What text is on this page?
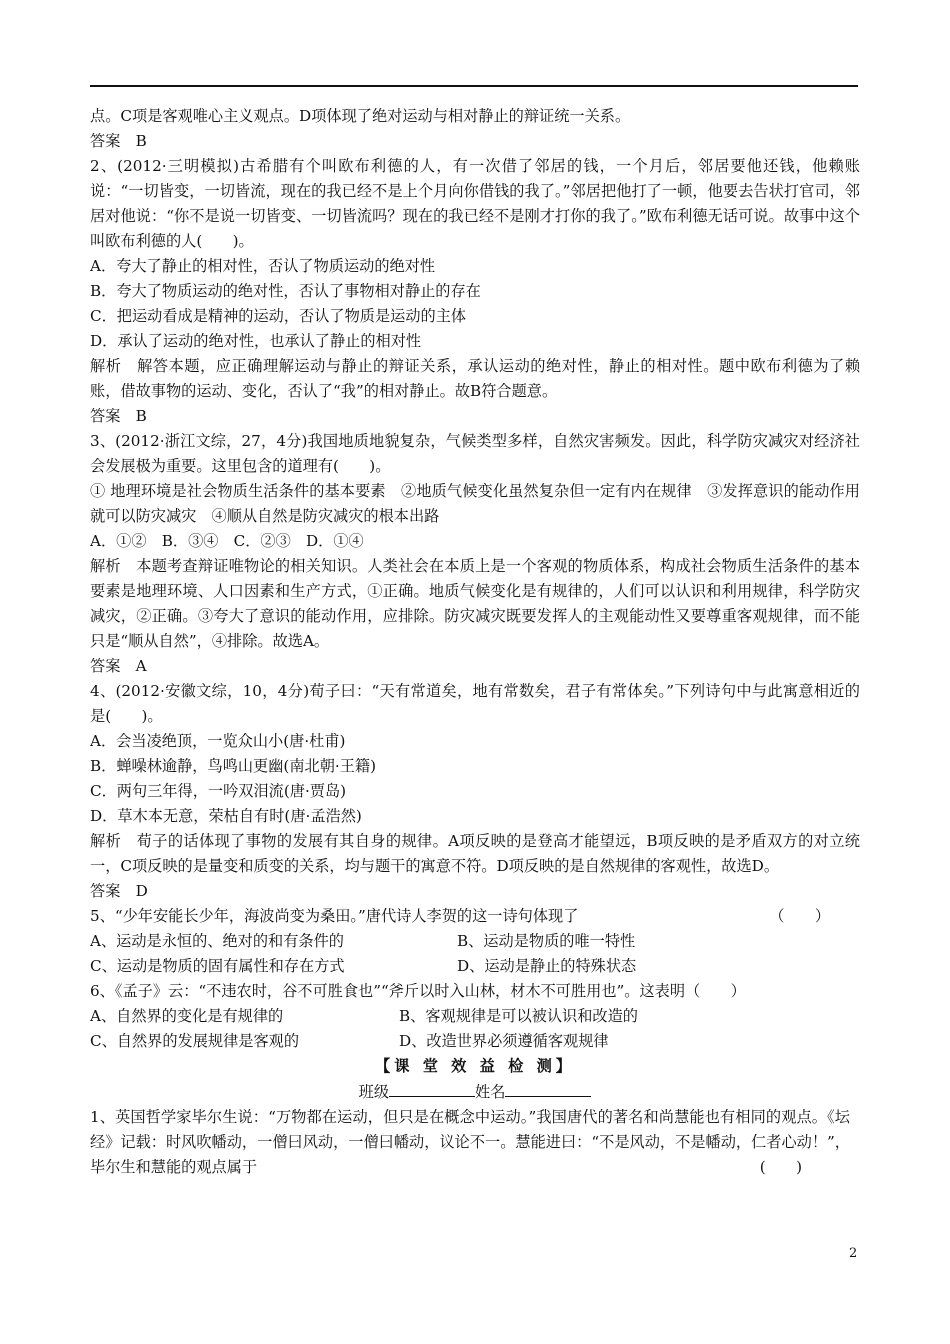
点。C项是客观唯心主义观点。D项体现了绝对运动与相对静止的辩证统一关系。

答案　B

2、(2012·三明模拟)古希腊有个叫欧布利德的人，有一次借了邻居的钱，一个月后，邻居要他还钱，他赖账说：“一切皆变，一切皆流，现在的我已经不是上个月向你借钱的我了。”邻居把他打了一顿，他要去告状打官司，邻居对他说：“你不是说一切皆变、一切皆流吗？现在的我已经不是刚才打你的我了。”欧布利德无话可说。故事中这个叫欧布利德的人(　　)。

A．夸大了静止的相对性，否认了物质运动的绝对性

B．夸大了物质运动的绝对性，否认了事物相对静止的存在

C．把运动看成是精神的运动，否认了物质是运动的主体

D．承认了运动的绝对性，也承认了静止的相对性

解析　解答本题，应正确理解运动与静止的辩证关系，承认运动的绝对性，静止的相对性。题中欧布利德为了赖账，借故事物的运动、变化，否认了“我”的相对静止。故B符合题意。

答案　B

3、(2012·浙江文综，27，4分)我国地质地貌复杂，气候类型多样，自然灾害频发。因此，科学防灾减灾对经济社会发展极为重要。这里包含的道理有(　　)。

① 地理环境是社会物质生活条件的基本要素　②地质气候变化虽然复杂但一定有内在规律　③发挥意识的能动作用就可以防灾减灾　④顺从自然是防灾减灾的根本出路

A．①②　B．③④　C．②③　D．①④

解析　本题考查辩证唯物论的相关知识。人类社会在本质上是一个客观的物质体系，构成社会物质生活条件的基本要素是地理环境、人口因素和生产方式，①正确。地质气候变化是有规律的，人们可以认识和利用规律，科学防灾减灾，②正确。③夸大了意识的能动作用，应排除。防灾减灾既要发挥人的主观能动性又要尊重客观规律，而不能只是“顺从自然”，④排除。故选A。

答案　A

4、(2012·安徽文综，10，4分)荀子曰：“天有常道矣，地有常数矣，君子有常体矣。”下列诗句中与此寓意相近的是(　　)。

A．会当凌绝顶，一览众山小(唐·杜甫)

B．蝉噪林逾静，鸟鸣山更幽(南北朝·王籍)

C．两句三年得，一吟双泪流(唐·贾岛)

D．草木本无意，荣枯自有时(唐·孟浩然)

解析　荀子的话体现了事物的发展有其自身的规律。A项反映的是登高才能望远，B项反映的是矛盾双方的对立统一，C项反映的是量变和质变的关系，均与题干的寓意不符。D项反映的是自然规律的客观性，故选D。

答案　D

5、“少年安能长少年，海波尚变为桑田。”唐代诗人李贺的这一诗句体现了	（　　）
A、运动是永恒的、绝对的和有条件的	B、运动是物质的唯一特性
C、运动是物质的固有属性和存在方式	D、运动是静止的特殊状态

6、《孟子》云：“不违农时，谷不可胜食也”“斧斤以时入山林，材木不可胜用也”。这表明（　　）

A、自然界的变化是有规律的	B、客观规律是可以被认识和改造的
C、自然界的发展规律是客观的	D、改造世界必须遵循客观规律

【课 堂 效 益 检 测】

班级	姓名

1、英国哲学家毕尔生说：“万物都在运动，但只是在概念中运动。”我国唐代的著名和尚慧能也有相同的观点。《坛经》记载：时风吹幡动，一僧曰风动，一僧曰幡动，议论不一。慧能进曰：“不是风动，不是幡动，仁者心动！”，毕尔生和慧能的观点属于	(　　)
2
